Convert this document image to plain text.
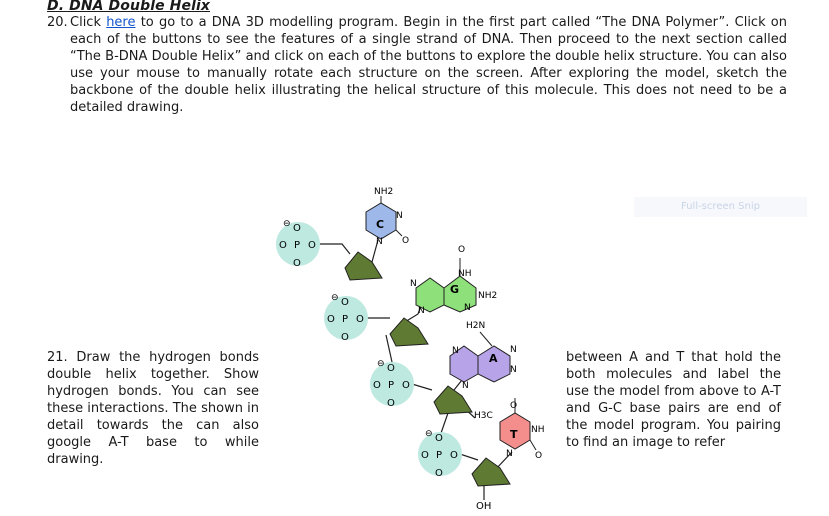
D. DNA Double Helix
20. Click here to go to a DNA 3D modelling program. Begin in the first part called “The DNA Polymer”. Click on each of the buttons to see the features of a single strand of DNA. Then proceed to the next section called “The B-DNA Double Helix” and click on each of the buttons to explore the double helix structure. You can also use your mouse to manually rotate each structure on the screen. After exploring the model, sketch the backbone of the double helix illustrating the helical structure of this molecule. This does not need to be a detailed drawing.
Full-screen Snip
21. Draw the hydrogen bonds double helix together. Show hydrogen bonds. You can see these interactions. The shown in detail towards the can also google A-T base to while drawing.
between A and T that hold the both molecules and label the use the model from above to A-T and G-C base pairs are end of the model program. You pairing to find an image to refer
⊖ O
O P O
O
⊖ O
O P O
O
⊖ O
O P O
O
⊖ O
O P O
O
C
NH2
N
N O
G
NH
NH2
N
N	N
O
A
H2N
N	N
N
N
T
H3C
NH
N
O
O
OH
